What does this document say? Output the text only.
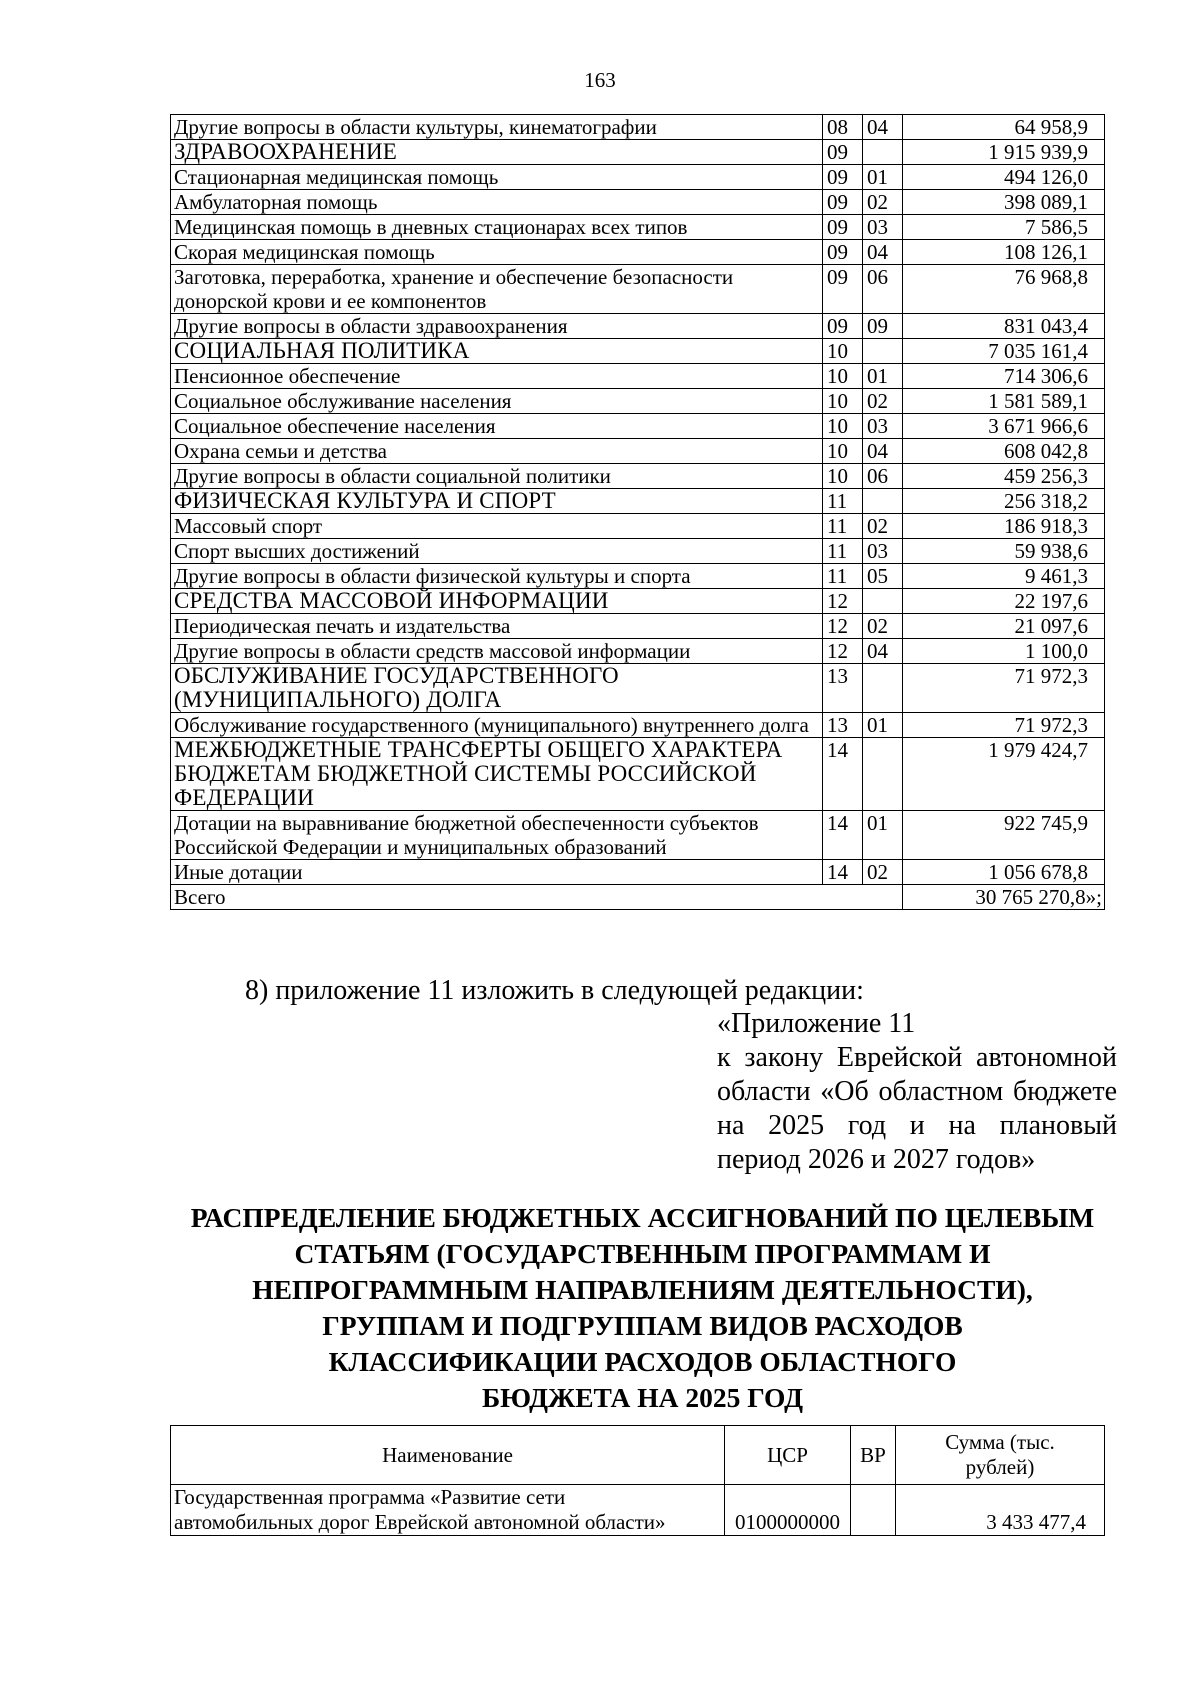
163
Другие вопросы в области культуры, кинематографии	08	04	64 958,9
ЗДРАВООХРАНЕНИЕ	09		1 915 939,9
Стационарная медицинская помощь	09	01	494 126,0
Амбулаторная помощь	09	02	398 089,1
Медицинская помощь в дневных стационарах всех типов	09	03	7 586,5
Скорая медицинская помощь	09	04	108 126,1
Заготовка, переработка, хранение и обеспечение безопасности донорской крови и ее компонентов	09	06	76 968,8
Другие вопросы в области здравоохранения	09	09	831 043,4
СОЦИАЛЬНАЯ ПОЛИТИКА	10		7 035 161,4
Пенсионное обеспечение	10	01	714 306,6
Социальное обслуживание населения	10	02	1 581 589,1
Социальное обеспечение населения	10	03	3 671 966,6
Охрана семьи и детства	10	04	608 042,8
Другие вопросы в области социальной политики	10	06	459 256,3
ФИЗИЧЕСКАЯ КУЛЬТУРА И СПОРТ	11		256 318,2
Массовый спорт	11	02	186 918,3
Спорт высших достижений	11	03	59 938,6
Другие вопросы в области физической культуры и спорта	11	05	9 461,3
СРЕДСТВА МАССОВОЙ ИНФОРМАЦИИ	12		22 197,6
Периодическая печать и издательства	12	02	21 097,6
Другие вопросы в области средств массовой информации	12	04	1 100,0
ОБСЛУЖИВАНИЕ ГОСУДАРСТВЕННОГО (МУНИЦИПАЛЬНОГО) ДОЛГА	13		71 972,3
Обслуживание государственного (муниципального) внутреннего долга	13	01	71 972,3
МЕЖБЮДЖЕТНЫЕ ТРАНСФЕРТЫ ОБЩЕГО ХАРАКТЕРА БЮДЖЕТАМ БЮДЖЕТНОЙ СИСТЕМЫ РОССИЙСКОЙ ФЕДЕРАЦИИ	14		1 979 424,7
Дотации на выравнивание бюджетной обеспеченности субъектов Российской Федерации и муниципальных образований	14	01	922 745,9
Иные дотации	14	02	1 056 678,8
Всего			30 765 270,8»;
8) приложение 11 изложить в следующей редакции:
«Приложение 11
к закону Еврейской автономной
области «Об областном бюджете
на 2025 год и на плановый
период 2026 и 2027 годов»
РАСПРЕДЕЛЕНИЕ БЮДЖЕТНЫХ АССИГНОВАНИЙ ПО ЦЕЛЕВЫМ
СТАТЬЯМ (ГОСУДАРСТВЕННЫМ ПРОГРАММАМ И
НЕПРОГРАММНЫМ НАПРАВЛЕНИЯМ ДЕЯТЕЛЬНОСТИ),
ГРУППАМ И ПОДГРУППАМ ВИДОВ РАСХОДОВ
КЛАССИФИКАЦИИ РАСХОДОВ ОБЛАСТНОГО
БЮДЖЕТА НА 2025 ГОД
Наименование	ЦСР	ВР	Сумма (тыс.
рублей)

Государственная программа «Развитие сети
автомобильных дорог Еврейской автономной области»	0100000000		3 433 477,4
